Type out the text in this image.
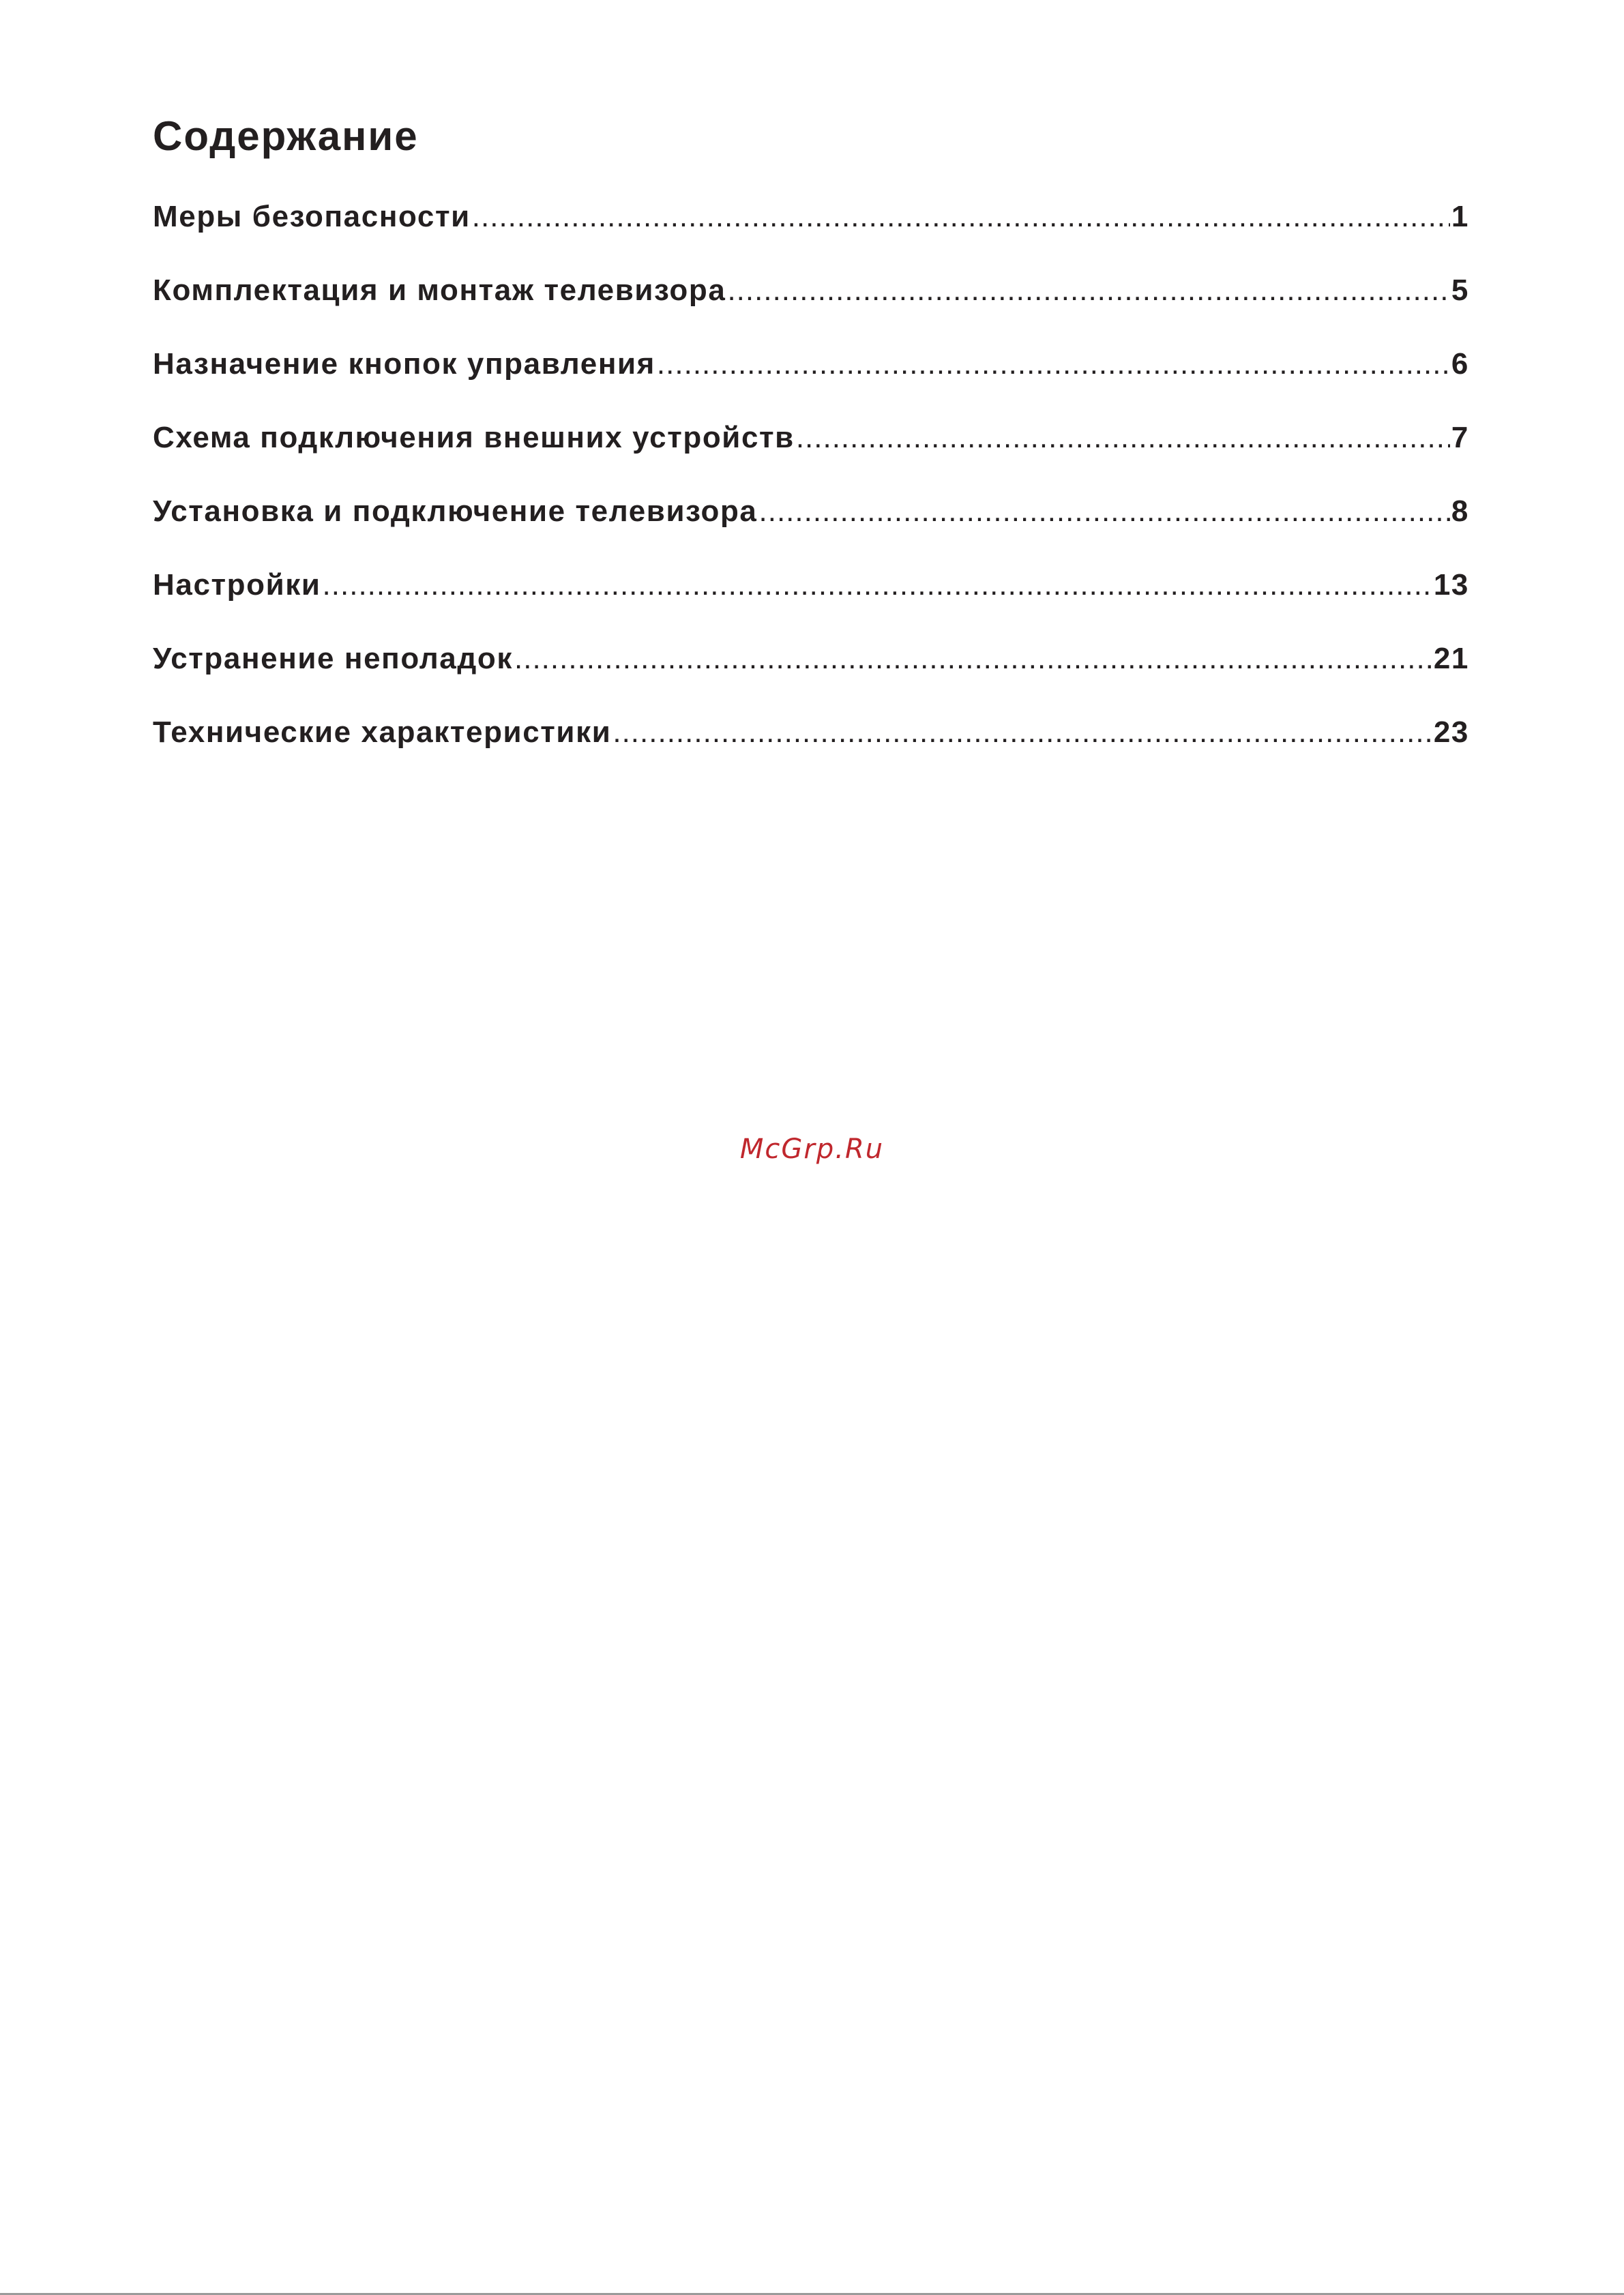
Содержание
Меры безопасности .....	1
Комплектация и монтаж телевизора .....	5
Назначение кнопок управления .....	6
Схема подключения внешних устройств .....	7
Установка и подключение телевизора .....	8
Настройки .....	13
Устранение неполадок .....	21
Технические характеристики .....	23
McGrp.Ru
